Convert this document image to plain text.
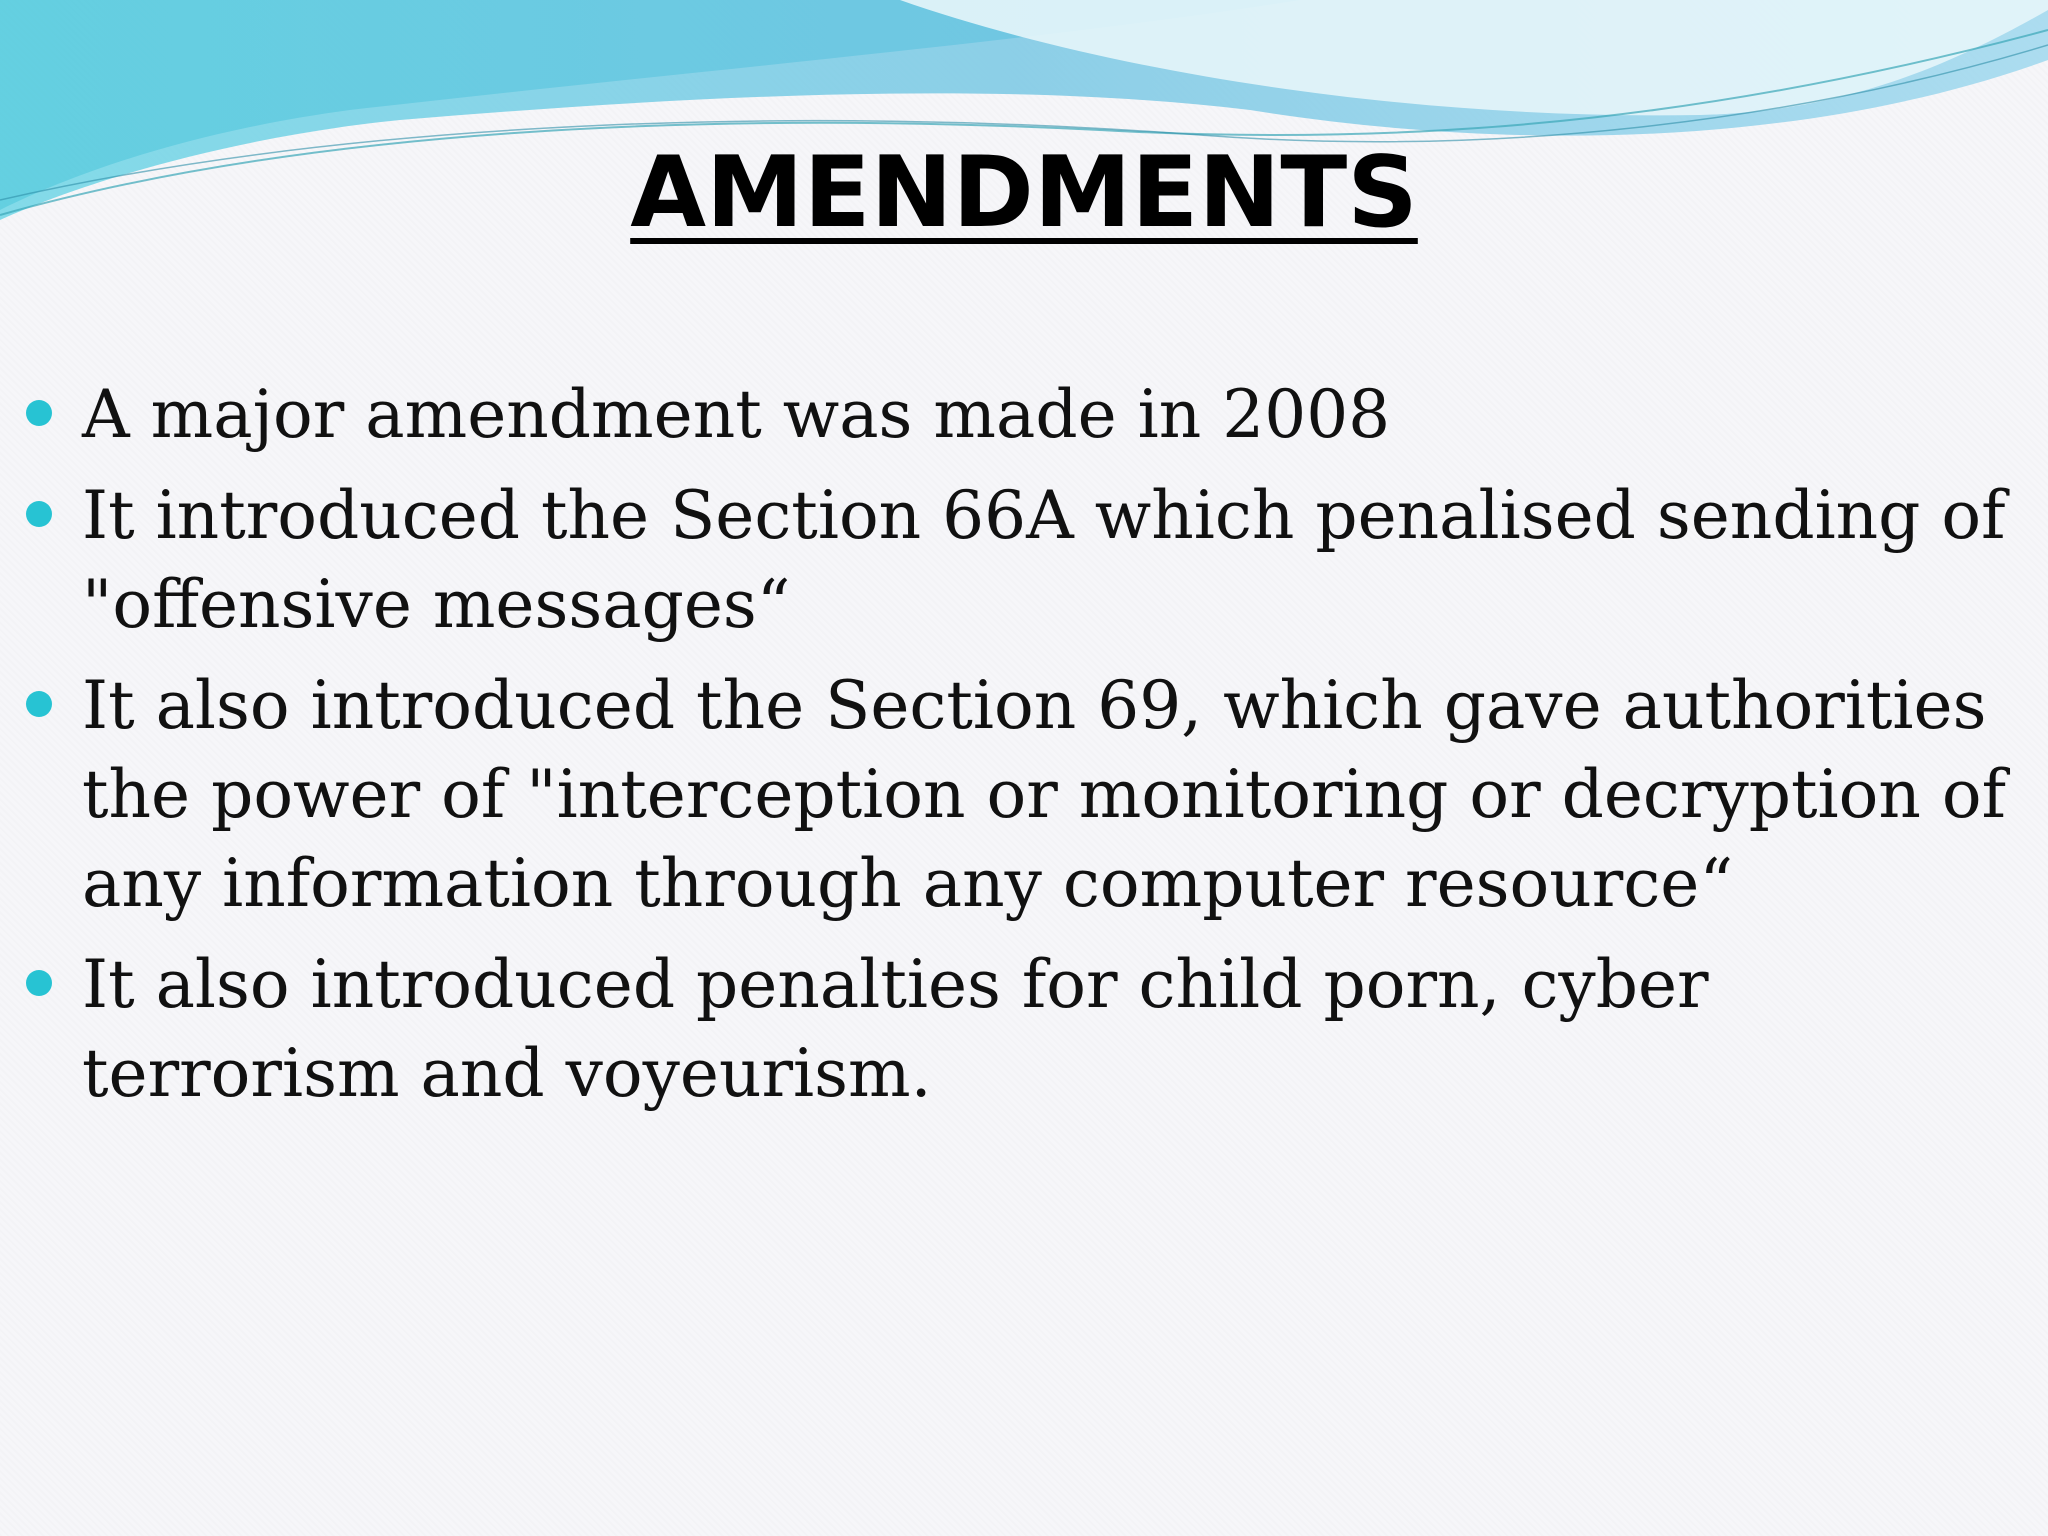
AMENDMENTS
A major amendment was made in 2008
It introduced the Section 66A which penalised sending of "offensive messages“
It also introduced the Section 69, which gave authorities the power of "interception or monitoring or decryption of any information through any computer resource“
It also introduced penalties for child porn, cyber terrorism and voyeurism.
